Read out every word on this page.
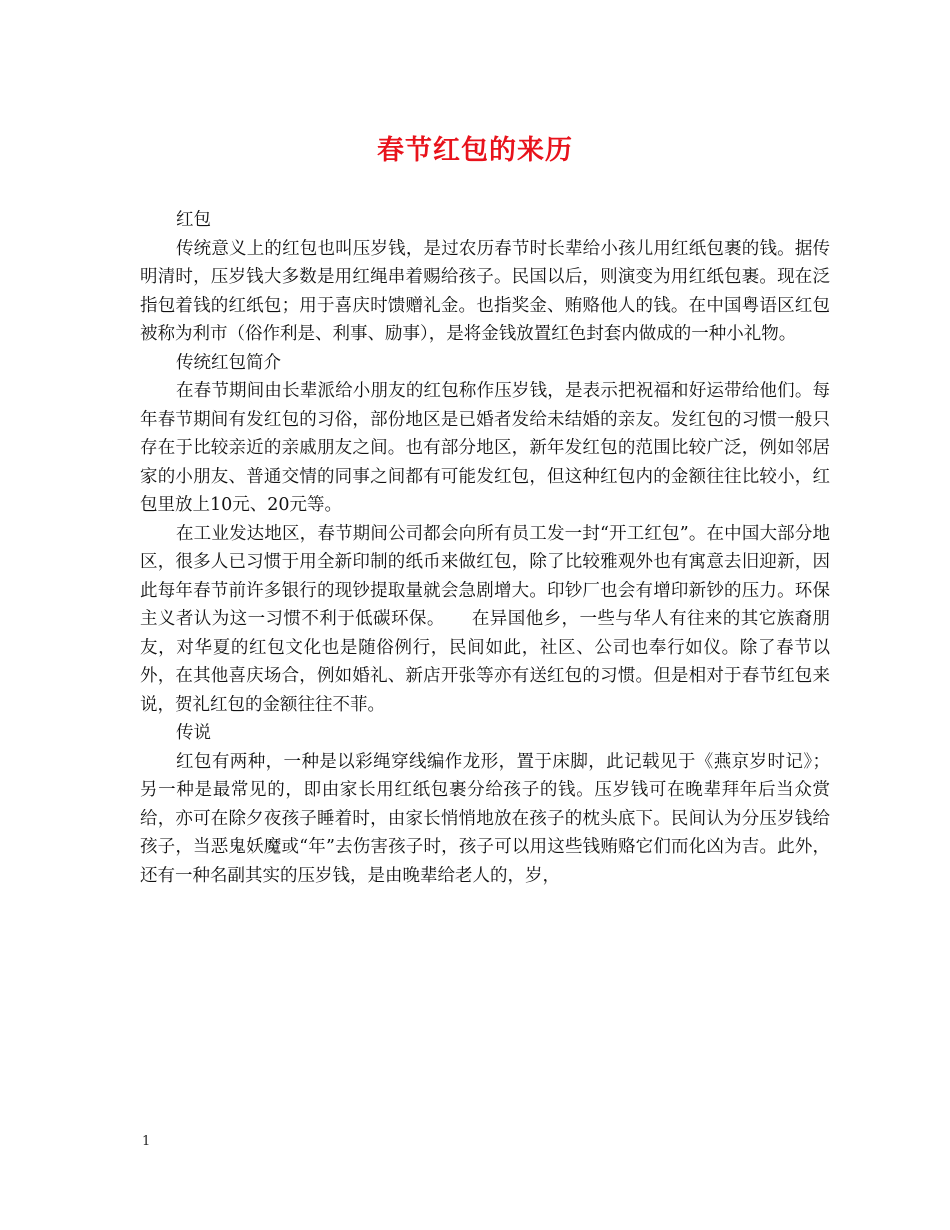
春节红包的来历

红包

传统意义上的红包也叫压岁钱，是过农历春节时长辈给小孩儿用红纸包裹的钱。据传明清时，压岁钱大多数是用红绳串着赐给孩子。民国以后，则演变为用红纸包裹。现在泛指包着钱的红纸包；用于喜庆时馈赠礼金。也指奖金、贿赂他人的钱。在中国粤语区红包被称为利市（俗作利是、利事、励事），是将金钱放置红色封套内做成的一种小礼物。

传统红包简介

在春节期间由长辈派给小朋友的红包称作压岁钱，是表示把祝福和好运带给他们。每年春节期间有发红包的习俗，部份地区是已婚者发给未结婚的亲友。发红包的习惯一般只存在于比较亲近的亲戚朋友之间。也有部分地区，新年发红包的范围比较广泛，例如邻居家的小朋友、普通交情的同事之间都有可能发红包，但这种红包内的金额往往比较小，红包里放上10元、20元等。

在工业发达地区，春节期间公司都会向所有员工发一封“开工红包”。在中国大部分地区，很多人已习惯于用全新印制的纸币来做红包，除了比较雅观外也有寓意去旧迎新，因此每年春节前许多银行的现钞提取量就会急剧增大。印钞厂也会有增印新钞的压力。环保主义者认为这一习惯不利于低碳环保。　　在异国他乡，一些与华人有往来的其它族裔朋友，对华夏的红包文化也是随俗例行，民间如此，社区、公司也奉行如仪。除了春节以外，在其他喜庆场合，例如婚礼、新店开张等亦有送红包的习惯。但是相对于春节红包来说，贺礼红包的金额往往不菲。

传说

红包有两种，一种是以彩绳穿线编作龙形，置于床脚，此记载见于《燕京岁时记》；另一种是最常见的，即由家长用红纸包裹分给孩子的钱。压岁钱可在晚辈拜年后当众赏给，亦可在除夕夜孩子睡着时，由家长悄悄地放在孩子的枕头底下。民间认为分压岁钱给孩子，当恶鬼妖魔或“年”去伤害孩子时，孩子可以用这些钱贿赂它们而化凶为吉。此外，还有一种名副其实的压岁钱，是由晚辈给老人的，岁，

1
